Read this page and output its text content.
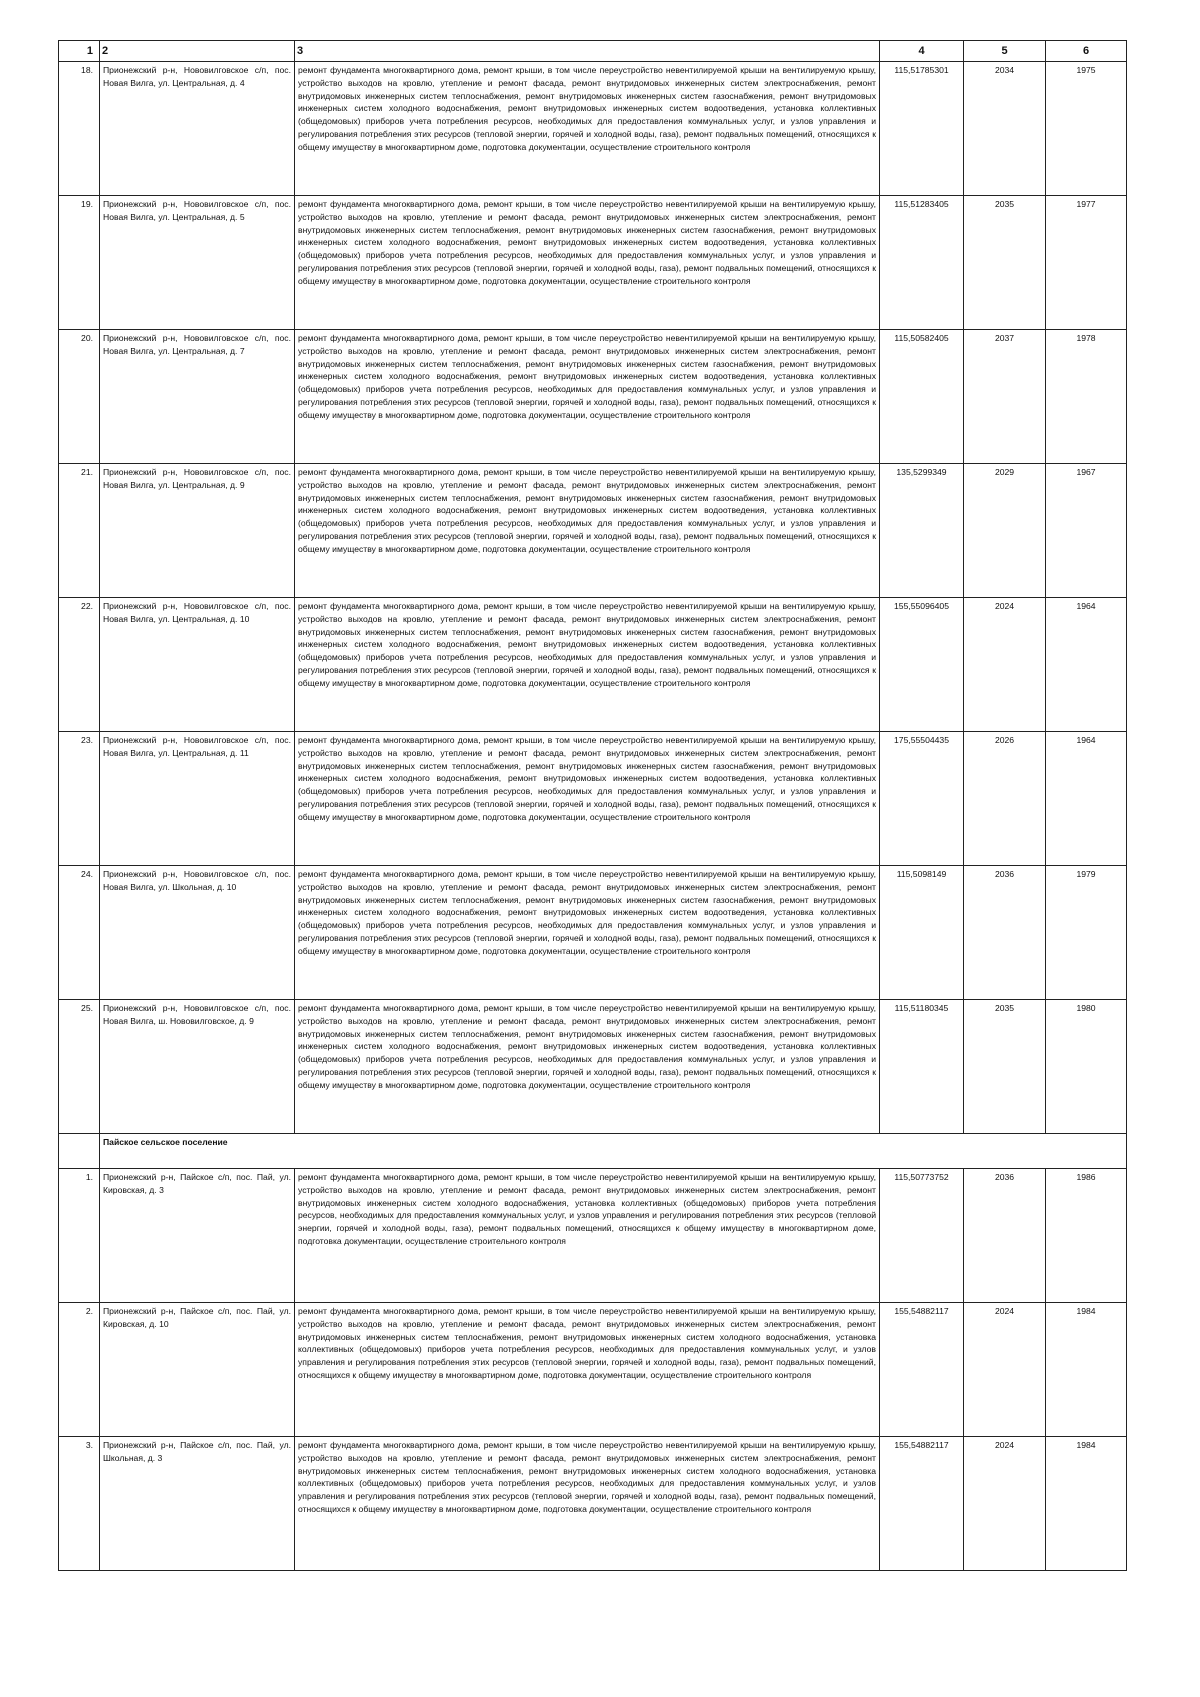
1	2	3	4	5	6
18.	Прионежский р-н, Нововилговское с/п, пос. Новая Вилга, ул. Центральная, д. 4	ремонт фундамента многоквартирного дома, ремонт крыши, в том числе переустройство невентилируемой крыши на вентилируемую крышу, устройство выходов на кровлю, утепление и ремонт фасада, ремонт внутридомовых инженерных систем электроснабжения, ремонт внутридомовых инженерных систем теплоснабжения, ремонт внутридомовых инженерных систем газоснабжения, ремонт внутридомовых инженерных систем холодного водоснабжения, ремонт внутридомовых инженерных систем водоотведения, установка коллективных (общедомовых) приборов учета потребления ресурсов, необходимых для предоставления коммунальных услуг, и узлов управления и регулирования потребления этих ресурсов (тепловой энергии, горячей и холодной воды, газа), ремонт подвальных помещений, относящихся к общему имуществу в многоквартирном доме, подготовка документации, осуществление строительного контроля	115,51785301	2034	1975
19.	Прионежский р-н, Нововилговское с/п, пос. Новая Вилга, ул. Центральная, д. 5	ремонт фундамента многоквартирного дома, ремонт крыши, в том числе переустройство невентилируемой крыши на вентилируемую крышу, устройство выходов на кровлю, утепление и ремонт фасада, ремонт внутридомовых инженерных систем электроснабжения, ремонт внутридомовых инженерных систем теплоснабжения, ремонт внутридомовых инженерных систем газоснабжения, ремонт внутридомовых инженерных систем холодного водоснабжения, ремонт внутридомовых инженерных систем водоотведения, установка коллективных (общедомовых) приборов учета потребления ресурсов, необходимых для предоставления коммунальных услуг, и узлов управления и регулирования потребления этих ресурсов (тепловой энергии, горячей и холодной воды, газа), ремонт подвальных помещений, относящихся к общему имуществу в многоквартирном доме, подготовка документации, осуществление строительного контроля	115,51283405	2035	1977
20.	Прионежский р-н, Нововилговское с/п, пос. Новая Вилга, ул. Центральная, д. 7	ремонт фундамента многоквартирного дома, ремонт крыши, в том числе переустройство невентилируемой крыши на вентилируемую крышу, устройство выходов на кровлю, утепление и ремонт фасада, ремонт внутридомовых инженерных систем электроснабжения, ремонт внутридомовых инженерных систем теплоснабжения, ремонт внутридомовых инженерных систем газоснабжения, ремонт внутридомовых инженерных систем холодного водоснабжения, ремонт внутридомовых инженерных систем водоотведения, установка коллективных (общедомовых) приборов учета потребления ресурсов, необходимых для предоставления коммунальных услуг, и узлов управления и регулирования потребления этих ресурсов (тепловой энергии, горячей и холодной воды, газа), ремонт подвальных помещений, относящихся к общему имуществу в многоквартирном доме, подготовка документации, осуществление строительного контроля	115,50582405	2037	1978
21.	Прионежский р-н, Нововилговское с/п, пос. Новая Вилга, ул. Центральная, д. 9	ремонт фундамента многоквартирного дома, ремонт крыши, в том числе переустройство невентилируемой крыши на вентилируемую крышу, устройство выходов на кровлю, утепление и ремонт фасада, ремонт внутридомовых инженерных систем электроснабжения, ремонт внутридомовых инженерных систем теплоснабжения, ремонт внутридомовых инженерных систем газоснабжения, ремонт внутридомовых инженерных систем холодного водоснабжения, ремонт внутридомовых инженерных систем водоотведения, установка коллективных (общедомовых) приборов учета потребления ресурсов, необходимых для предоставления коммунальных услуг, и узлов управления и регулирования потребления этих ресурсов (тепловой энергии, горячей и холодной воды, газа), ремонт подвальных помещений, относящихся к общему имуществу в многоквартирном доме, подготовка документации, осуществление строительного контроля	135,5299349	2029	1967
22.	Прионежский р-н, Нововилговское с/п, пос. Новая Вилга, ул. Центральная, д. 10	ремонт фундамента многоквартирного дома, ремонт крыши, в том числе переустройство невентилируемой крыши на вентилируемую крышу, устройство выходов на кровлю, утепление и ремонт фасада, ремонт внутридомовых инженерных систем электроснабжения, ремонт внутридомовых инженерных систем теплоснабжения, ремонт внутридомовых инженерных систем газоснабжения, ремонт внутридомовых инженерных систем холодного водоснабжения, ремонт внутридомовых инженерных систем водоотведения, установка коллективных (общедомовых) приборов учета потребления ресурсов, необходимых для предоставления коммунальных услуг, и узлов управления и регулирования потребления этих ресурсов (тепловой энергии, горячей и холодной воды, газа), ремонт подвальных помещений, относящихся к общему имуществу в многоквартирном доме, подготовка документации, осуществление строительного контроля	155,55096405	2024	1964
23.	Прионежский р-н, Нововилговское с/п, пос. Новая Вилга, ул. Центральная, д. 11	ремонт фундамента многоквартирного дома, ремонт крыши, в том числе переустройство невентилируемой крыши на вентилируемую крышу, устройство выходов на кровлю, утепление и ремонт фасада, ремонт внутридомовых инженерных систем электроснабжения, ремонт внутридомовых инженерных систем теплоснабжения, ремонт внутридомовых инженерных систем газоснабжения, ремонт внутридомовых инженерных систем холодного водоснабжения, ремонт внутридомовых инженерных систем водоотведения, установка коллективных (общедомовых) приборов учета потребления ресурсов, необходимых для предоставления коммунальных услуг, и узлов управления и регулирования потребления этих ресурсов (тепловой энергии, горячей и холодной воды, газа), ремонт подвальных помещений, относящихся к общему имуществу в многоквартирном доме, подготовка документации, осуществление строительного контроля	175,55504435	2026	1964
24.	Прионежский р-н, Нововилговское с/п, пос. Новая Вилга, ул. Школьная, д. 10	ремонт фундамента многоквартирного дома, ремонт крыши, в том числе переустройство невентилируемой крыши на вентилируемую крышу, устройство выходов на кровлю, утепление и ремонт фасада, ремонт внутридомовых инженерных систем электроснабжения, ремонт внутридомовых инженерных систем теплоснабжения, ремонт внутридомовых инженерных систем газоснабжения, ремонт внутридомовых инженерных систем холодного водоснабжения, ремонт внутридомовых инженерных систем водоотведения, установка коллективных (общедомовых) приборов учета потребления ресурсов, необходимых для предоставления коммунальных услуг, и узлов управления и регулирования потребления этих ресурсов (тепловой энергии, горячей и холодной воды, газа), ремонт подвальных помещений, относящихся к общему имуществу в многоквартирном доме, подготовка документации, осуществление строительного контроля	115,5098149	2036	1979
25.	Прионежский р-н, Нововилговское с/п, пос. Новая Вилга, ш. Нововилговское, д. 9	ремонт фундамента многоквартирного дома, ремонт крыши, в том числе переустройство невентилируемой крыши на вентилируемую крышу, устройство выходов на кровлю, утепление и ремонт фасада, ремонт внутридомовых инженерных систем электроснабжения, ремонт внутридомовых инженерных систем теплоснабжения, ремонт внутридомовых инженерных систем газоснабжения, ремонт внутридомовых инженерных систем холодного водоснабжения, ремонт внутридомовых инженерных систем водоотведения, установка коллективных (общедомовых) приборов учета потребления ресурсов, необходимых для предоставления коммунальных услуг, и узлов управления и регулирования потребления этих ресурсов (тепловой энергии, горячей и холодной воды, газа), ремонт подвальных помещений, относящихся к общему имуществу в многоквартирном доме, подготовка документации, осуществление строительного контроля	115,51180345	2035	1980
	Пайское сельское поселение				
1.	Прионежский р-н, Пайское с/п, пос. Пай, ул. Кировская, д. 3	ремонт фундамента многоквартирного дома, ремонт крыши, в том числе переустройство невентилируемой крыши на вентилируемую крышу, устройство выходов на кровлю, утепление и ремонт фасада, ремонт внутридомовых инженерных систем электроснабжения, ремонт внутридомовых инженерных систем холодного водоснабжения, установка коллективных (общедомовых) приборов учета потребления ресурсов, необходимых для предоставления коммунальных услуг, и узлов управления и регулирования потребления этих ресурсов (тепловой энергии, горячей и холодной воды, газа), ремонт подвальных помещений, относящихся к общему имуществу в многоквартирном доме, подготовка документации, осуществление строительного контроля	115,50773752	2036	1986
2.	Прионежский р-н, Пайское с/п, пос. Пай, ул. Кировская, д. 10	ремонт фундамента многоквартирного дома, ремонт крыши, в том числе переустройство невентилируемой крыши на вентилируемую крышу, устройство выходов на кровлю, утепление и ремонт фасада, ремонт внутридомовых инженерных систем электроснабжения, ремонт внутридомовых инженерных систем теплоснабжения, ремонт внутридомовых инженерных систем холодного водоснабжения, установка коллективных (общедомовых) приборов учета потребления ресурсов, необходимых для предоставления коммунальных услуг, и узлов управления и регулирования потребления этих ресурсов (тепловой энергии, горячей и холодной воды, газа), ремонт подвальных помещений, относящихся к общему имуществу в многоквартирном доме, подготовка документации, осуществление строительного контроля	155,54882117	2024	1984
3.	Прионежский р-н, Пайское с/п, пос. Пай, ул. Школьная, д. 3	ремонт фундамента многоквартирного дома, ремонт крыши, в том числе переустройство невентилируемой крыши на вентилируемую крышу, устройство выходов на кровлю, утепление и ремонт фасада, ремонт внутридомовых инженерных систем электроснабжения, ремонт внутридомовых инженерных систем теплоснабжения, ремонт внутридомовых инженерных систем холодного водоснабжения, установка коллективных (общедомовых) приборов учета потребления ресурсов, необходимых для предоставления коммунальных услуг, и узлов управления и регулирования потребления этих ресурсов (тепловой энергии, горячей и холодной воды, газа), ремонт подвальных помещений, относящихся к общему имуществу в многоквартирном доме, подготовка документации, осуществление строительного контроля	155,54882117	2024	1984
